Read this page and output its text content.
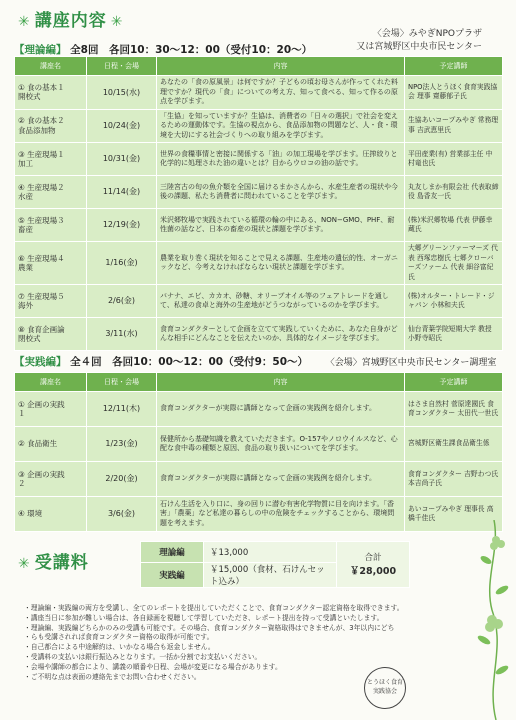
✳ 講座内容 ✳
〈会場〉みやぎNPOプラザ
又は宮城野区中央市民センター
【理論編】 全8回　各回10：30～12：00（受付10：20～）
講座名	日程・会場	内容	予定講師
① 食の基本１
開校式	10/15(水)	あなたの「食の原風景」は何ですか？子どもの頃お母さんが作ってくれた料理ですか？現代の「食」についての考え方、知って食べる、知って作るの原点を学びます。	NPO法人とうほく食育実践協会 理事 齋藤郁子氏
② 食の基本２
食品添加物	10/24(金)	「生協」を知っていますか？生協は、消費者の「日々の選択」で社会を変えるための運動体です。生協の視点から、食品添加物の問題など、人・食・環境を大切にする社会づくりへの取り組みを学びます。	生協あいコープみやぎ 常務理事 吉武恵里氏
③ 生産現場１
加工	10/31(金)	世界の食糧事情と密接に関係する「油」の加工現場を学びます。圧搾絞りと化学的に処理された油の違いとは？目からウロコの油の話です。	平田産業(有) 営業部主任 中村竜也氏
④ 生産現場２
水産	11/14(金)	三陸宮古の旬の魚介類を全国に届けるまかさんから、水産生産者の現状や今後の課題、私たち消費者に問われていることを学びます。	丸友しまか有限会社 代表取締役 島香友一氏
⑤ 生産現場３
畜産	12/19(金)	米沢郷牧場で実践されている循環の輪の中にある、NON−GMO、PHF、耐性菌の話など、日本の畜産の現状と課題を学びます。	(株)米沢郷牧場 代表 伊藤幸蔵氏
⑥ 生産現場４
農業	1/16(金)	農業を取り巻く現状を知ることで見える課題、生産地の遺伝的性、オーガニックなど、今考えなければならない現状と課題を学びます。	大郷グリーンファーマーズ 代表 西塚忠樹氏 七郷クローバーズファーム 代表 細谷富紀氏
⑦ 生産現場５
海外	2/6(金)	バナナ、エビ、カカオ、砂糖、オリーブオイル等のフェアトレードを通して、私達の食卓と海外の生産地がどうつながっているのかを学びます。	(株)オルター・トレード・ジャパン 小林和夫氏
⑧ 食育企画論
閉校式	3/11(水)	食育コンダクターとして企画を立てて実践していくために、あなた自身がどんな相手にどんなことを伝えたいのか、具体的なイメージを学びます。	仙台青葉学院短期大学 教授 小野寺昭氏
【実践編】 全４回　各回10：00～12：00（受付9：50～） 〈会場〉宮城野区中央市民センター調理室
講座名	日程・会場	内容	予定講師
① 企画の実践
１	12/11(木)	食育コンダクターが実際に講師となって企画の実践例を紹介します。	はさま自然村 菅原達國氏 食育コンダクター 太田代一世氏
② 食品衛生	1/23(金)	保健所から基礎知識を教えていただきます。O-157やノロウイルスなど、心配な食中毒の種類と原因、食品の取り扱いについてを学びます。	宮城野区衛生課食品衛生係
③ 企画の実践
２	2/20(金)	食育コンダクターが実際に講師となって企画の実践例を紹介します。	食育コンダクター 吉野わつ氏 本吉尚子氏
④ 環境	3/6(金)	石けん生活を入り口に、身の回りに潜む有害化学物質に目を向けます。「香害」「農薬」など私達の暮らしの中の危険をチェックすることから、環境問題を考えます。	あいコープみやぎ 理事長 高橋千佳氏
✳ 受講料	理論編	￥13,000	合計
￥28,000

実践編	￥15,000（食材、石けんセット込み）	
・ 理論編・実践編の両方を受講し、全てのレポートを提出していただくことで、食育コンダクター認定資格を取得できます。
・ 講座当日に参加が難しい場合は、各自録画を視聴して学習していただき、レポート提出を持って受講といたします。
・ 理論編、実践編どちらかのみの受講も可能です。その場合、食育コンダクター資格取得はできませんが、3年以内にどち
・ らも受講されれば食育コンダクター資格の取得が可能です。
・ 自己都合による中途解約は、いかなる場合も返金しません。
・ 受講料の支払いは銀行振込みとなります。一括か分割でお支払いください。
・ 会場や講師の都合により、講義の順番や日程、会場が変更になる場合があります。
・ ご不明な点は表面の連絡先までお問い合わせください。
とうほく食育実践協会
